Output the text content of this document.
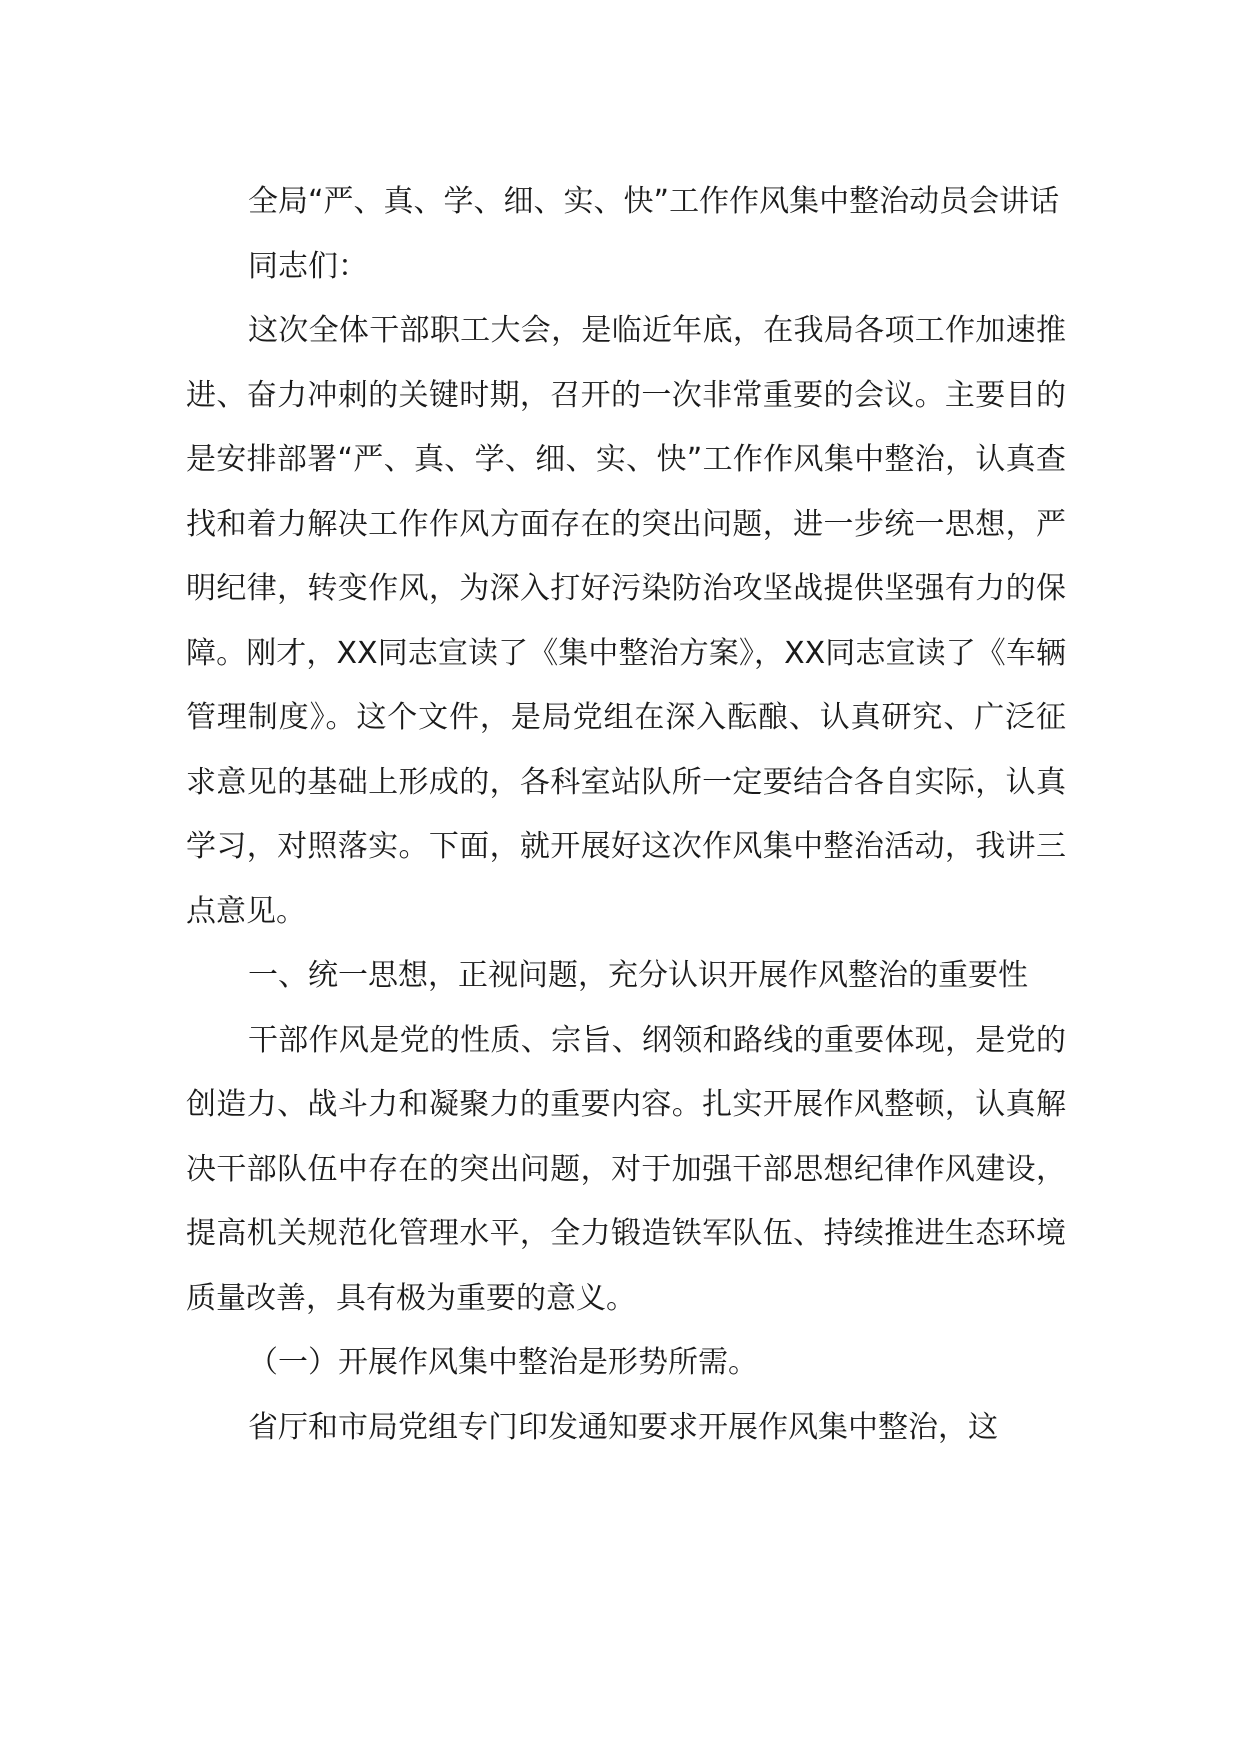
全局“严、真、学、细、实、快”工作作风集中整治动员会讲话

同志们：

这次全体干部职工大会，是临近年底，在我局各项工作加速推进、奋力冲刺的关键时期，召开的一次非常重要的会议。主要目的是安排部署“严、真、学、细、实、快”工作作风集中整治，认真查找和着力解决工作作风方面存在的突出问题，进一步统一思想，严明纪律，转变作风，为深入打好污染防治攻坚战提供坚强有力的保障。刚才，XX同志宣读了《集中整治方案》，XX同志宣读了《车辆管理制度》。这个文件，是局党组在深入酝酿、认真研究、广泛征求意见的基础上形成的，各科室站队所一定要结合各自实际，认真学习，对照落实。下面，就开展好这次作风集中整治活动，我讲三点意见。

一、统一思想，正视问题，充分认识开展作风整治的重要性

干部作风是党的性质、宗旨、纲领和路线的重要体现，是党的创造力、战斗力和凝聚力的重要内容。扎实开展作风整顿，认真解决干部队伍中存在的突出问题，对于加强干部思想纪律作风建设，提高机关规范化管理水平，全力锻造铁军队伍、持续推进生态环境质量改善，具有极为重要的意义。

（一）开展作风集中整治是形势所需。

省厅和市局党组专门印发通知要求开展作风集中整治，这
